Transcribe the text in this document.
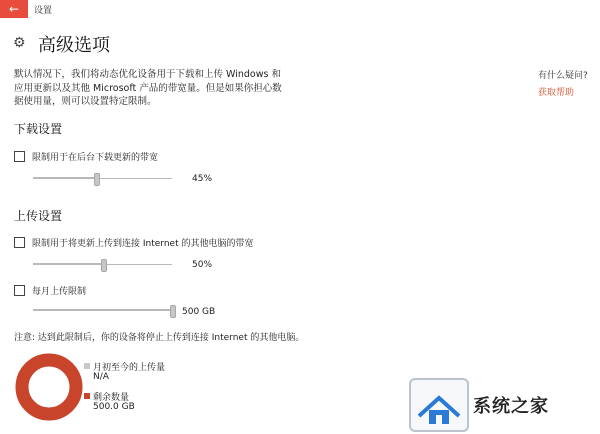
← 设置
⚙ 高级选项
默认情况下，我们将动态优化设备用于下载和上传 Windows 和应用更新以及其他 Microsoft 产品的带宽量。但是如果你担心数据使用量，则可以设置特定限制。
有什么疑问?
获取帮助
下载设置
限制用于在后台下载更新的带宽
45%
上传设置
限制用于将更新上传到连接 Internet 的其他电脑的带宽
50%
每月上传限制
500 GB
注意: 达到此限制后，你的设备将停止上传到连接 Internet 的其他电脑。
月初至今的上传量
N/A
剩余数量
500.0 GB	系统之家
